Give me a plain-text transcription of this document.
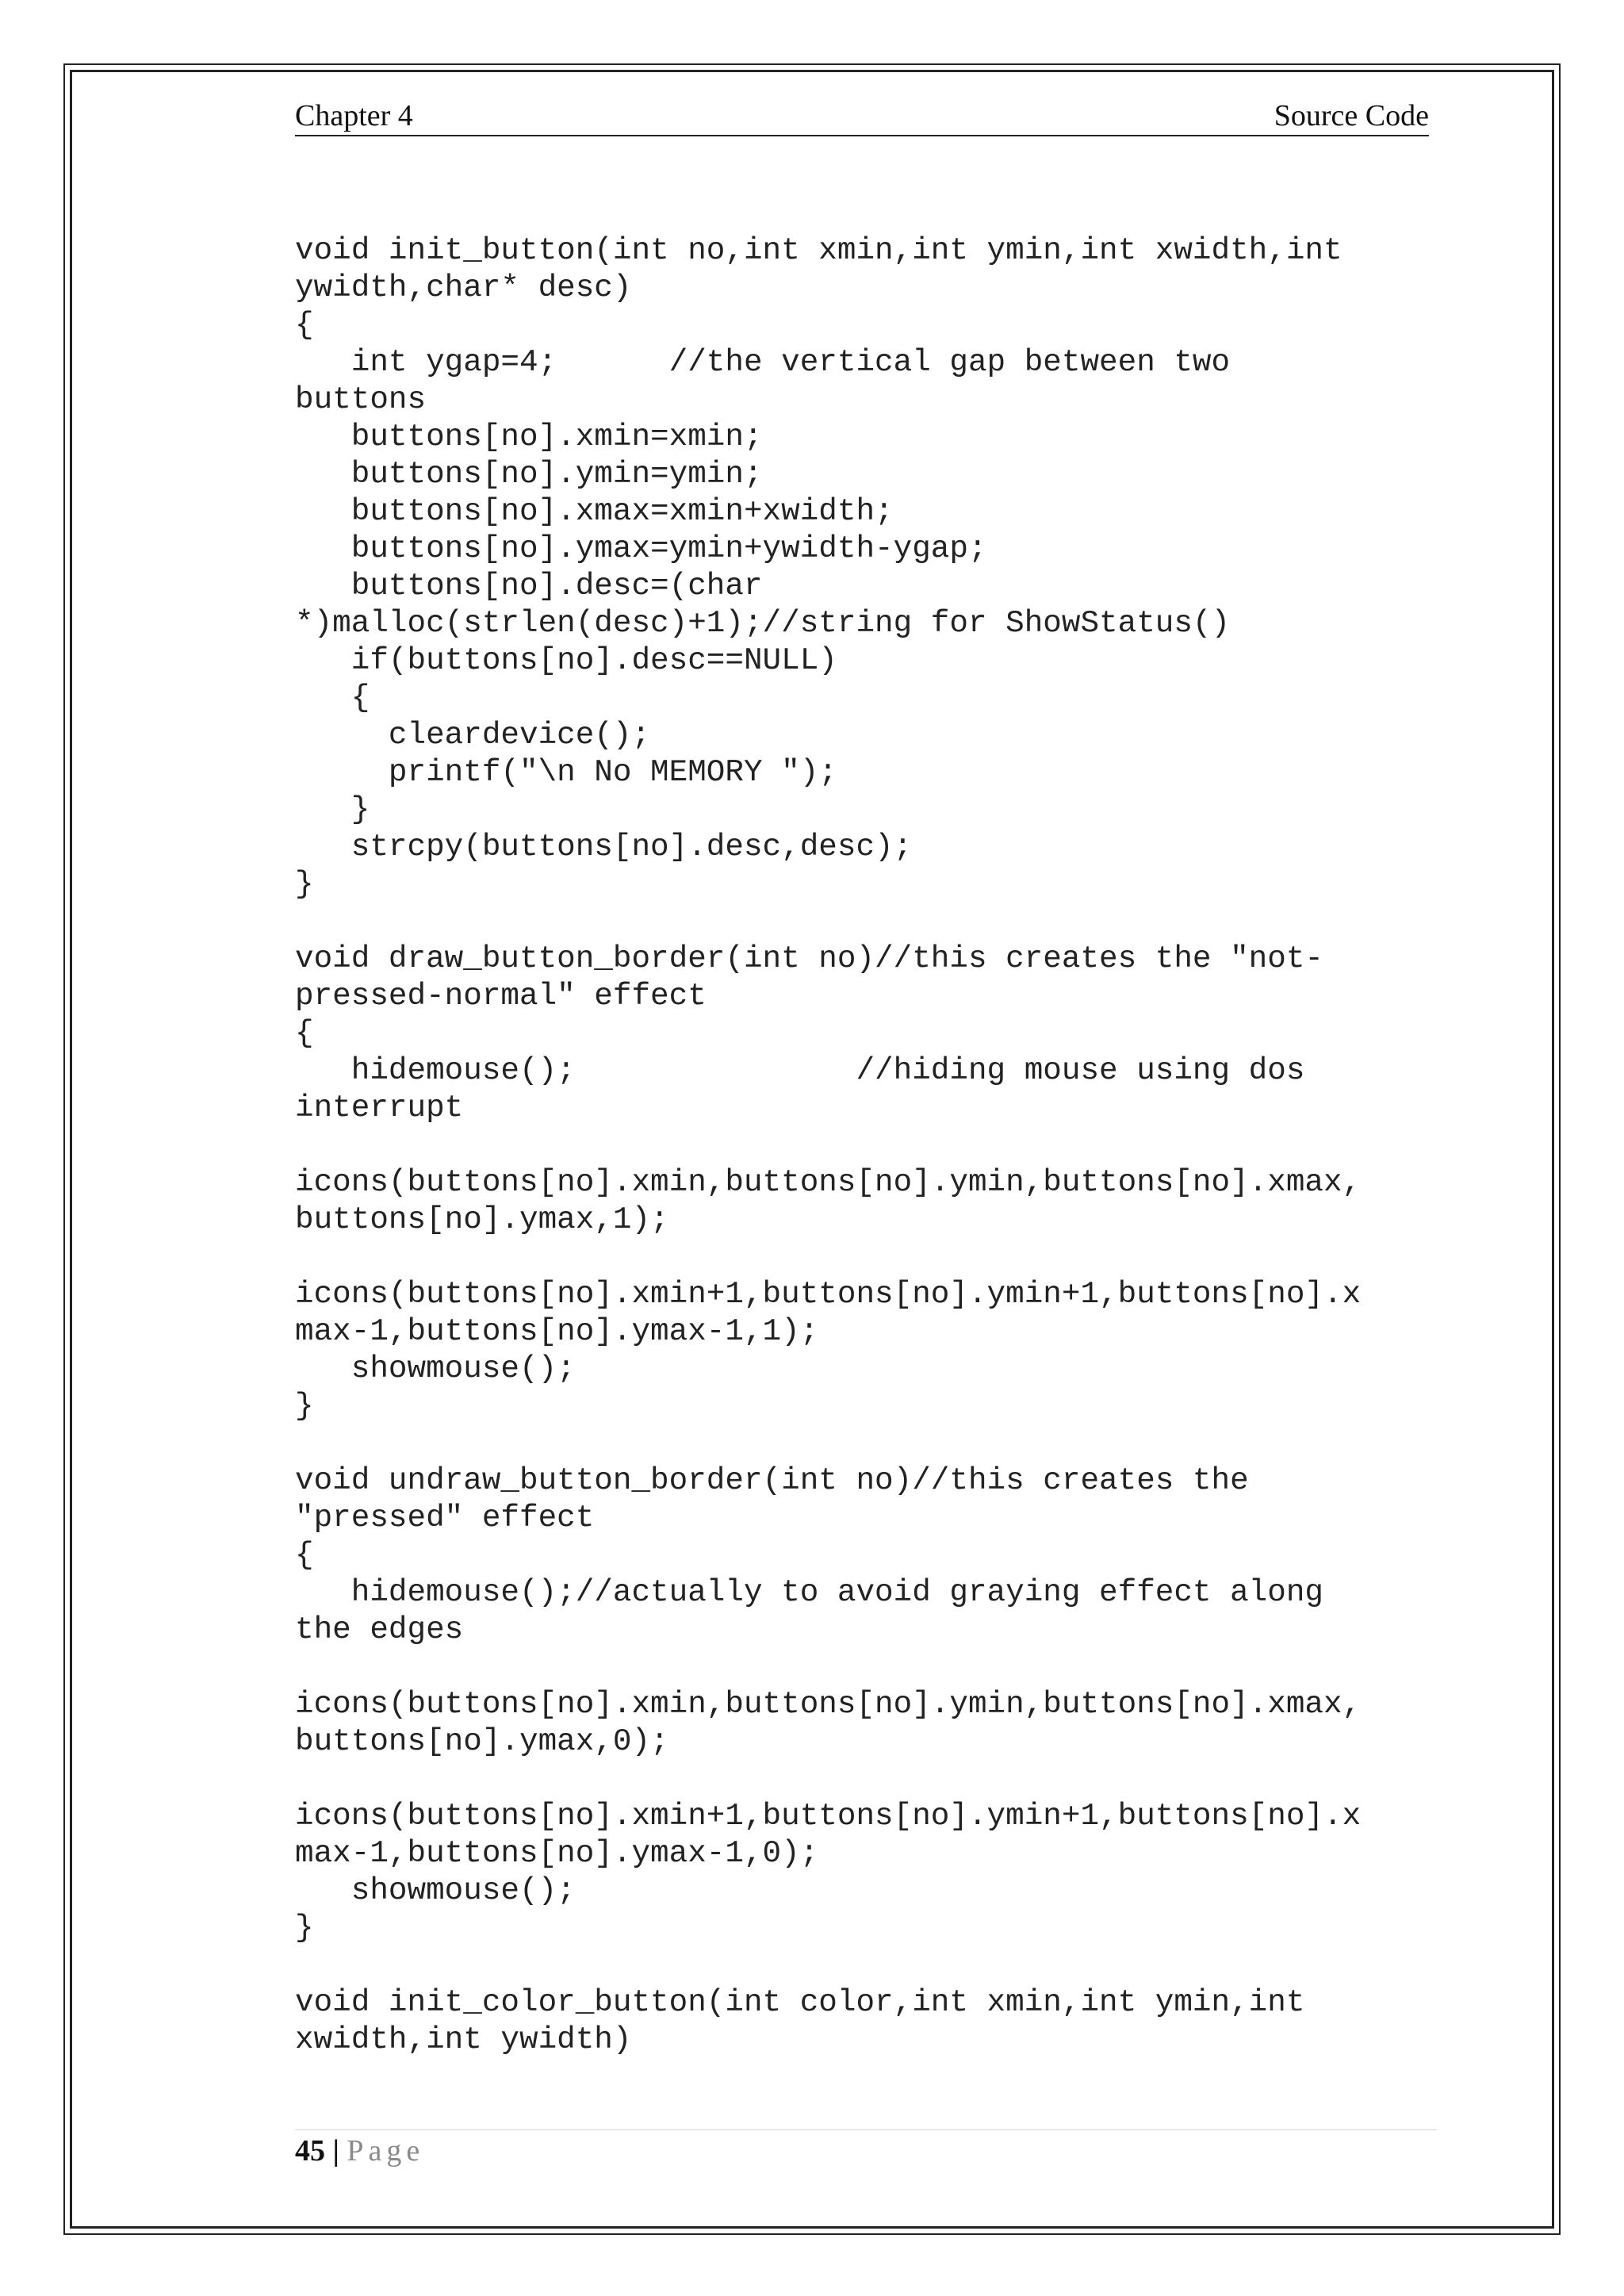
Chapter 4	Source Code
void init_button(int no,int xmin,int ymin,int xwidth,int
ywidth,char* desc)
{
int ygap=4;      //the vertical gap between two
buttons
buttons[no].xmin=xmin;
buttons[no].ymin=ymin;
buttons[no].xmax=xmin+xwidth;
buttons[no].ymax=ymin+ywidth-ygap;
buttons[no].desc=(char
*)malloc(strlen(desc)+1);//string for ShowStatus()
if(buttons[no].desc==NULL)
{
cleardevice();
printf("\n No MEMORY ");
}
strcpy(buttons[no].desc,desc);
}

void draw_button_border(int no)//this creates the "not-
pressed-normal" effect
{
hidemouse();               //hiding mouse using dos
interrupt

icons(buttons[no].xmin,buttons[no].ymin,buttons[no].xmax,
buttons[no].ymax,1);

icons(buttons[no].xmin+1,buttons[no].ymin+1,buttons[no].x
max-1,buttons[no].ymax-1,1);
showmouse();
}

void undraw_button_border(int no)//this creates the
"pressed" effect
{
hidemouse();//actually to avoid graying effect along
the edges

icons(buttons[no].xmin,buttons[no].ymin,buttons[no].xmax,
buttons[no].ymax,0);

icons(buttons[no].xmin+1,buttons[no].ymin+1,buttons[no].x
max-1,buttons[no].ymax-1,0);
showmouse();
}

void init_color_button(int color,int xmin,int ymin,int
xwidth,int ywidth)

45 | Page
